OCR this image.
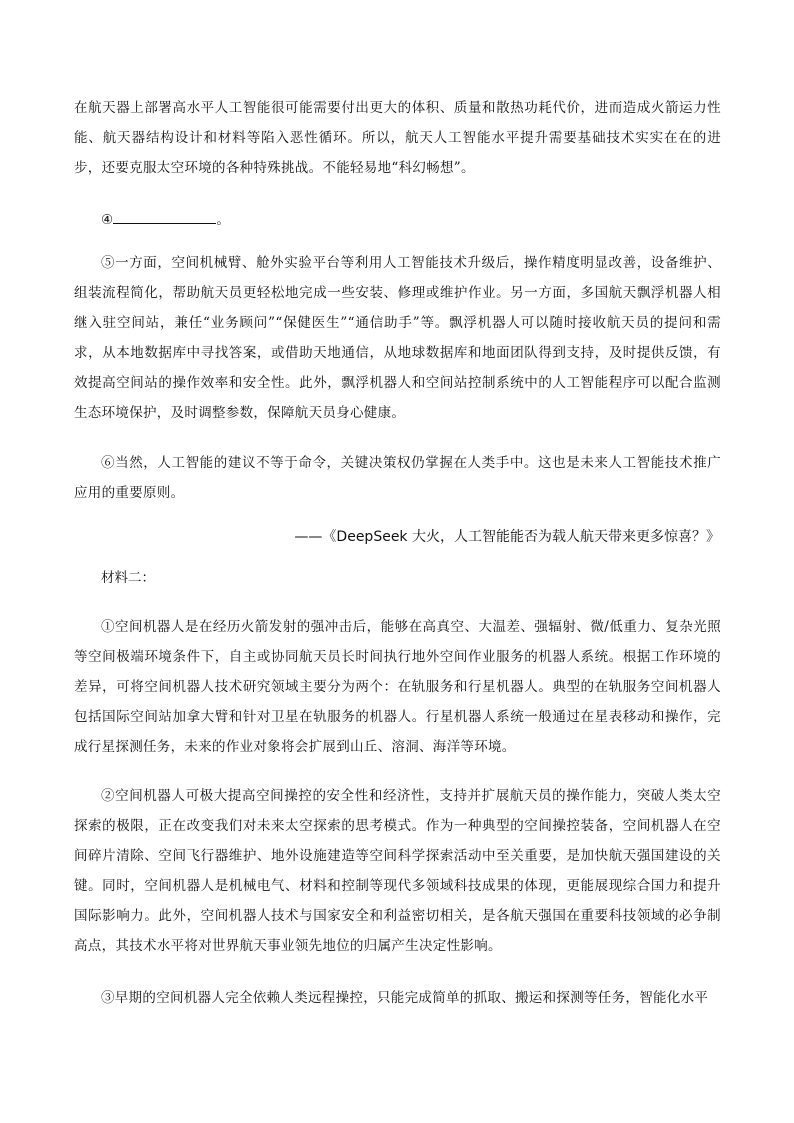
在航天器上部署高水平人工智能很可能需要付出更大的体积、质量和散热功耗代价，进而造成火箭运力性能、航天器结构设计和材料等陷入恶性循环。所以，航天人工智能水平提升需要基础技术实实在在的进步，还要克服太空环境的各种特殊挑战。不能轻易地“科幻畅想”。

④	。

⑤一方面，空间机械臂、舱外实验平台等利用人工智能技术升级后，操作精度明显改善，设备维护、组装流程简化，帮助航天员更轻松地完成一些安装、修理或维护作业。另一方面，多国航天飘浮机器人相继入驻空间站，兼任“业务顾问”“保健医生”“通信助手”等。飘浮机器人可以随时接收航天员的提问和需求，从本地数据库中寻找答案，或借助天地通信，从地球数据库和地面团队得到支持，及时提供反馈，有效提高空间站的操作效率和安全性。此外，飘浮机器人和空间站控制系统中的人工智能程序可以配合监测生态环境保护，及时调整参数，保障航天员身心健康。

⑥当然，人工智能的建议不等于命令，关键决策权仍掌握在人类手中。这也是未来人工智能技术推广应用的重要原则。

——《DeepSeek 大火，人工智能能否为载人航天带来更多惊喜？》
材料二：

①空间机器人是在经历火箭发射的强冲击后，能够在高真空、大温差、强辐射、微/低重力、复杂光照等空间极端环境条件下，自主或协同航天员长时间执行地外空间作业服务的机器人系统。根据工作环境的差异，可将空间机器人技术研究领域主要分为两个：在轨服务和行星机器人。典型的在轨服务空间机器人包括国际空间站加拿大臂和针对卫星在轨服务的机器人。行星机器人系统一般通过在星表移动和操作，完成行星探测任务，未来的作业对象将会扩展到山丘、溶洞、海洋等环境。

②空间机器人可极大提高空间操控的安全性和经济性，支持并扩展航天员的操作能力，突破人类太空探索的极限，正在改变我们对未来太空探索的思考模式。作为一种典型的空间操控装备，空间机器人在空间碎片清除、空间飞行器维护、地外设施建造等空间科学探索活动中至关重要，是加快航天强国建设的关键。同时，空间机器人是机械电气、材料和控制等现代多领域科技成果的体现，更能展现综合国力和提升国际影响力。此外，空间机器人技术与国家安全和利益密切相关，是各航天强国在重要科技领域的必争制高点，其技术水平将对世界航天事业领先地位的归属产生决定性影响。

③早期的空间机器人完全依赖人类远程操控，只能完成简单的抓取、搬运和探测等任务，智能化水平
